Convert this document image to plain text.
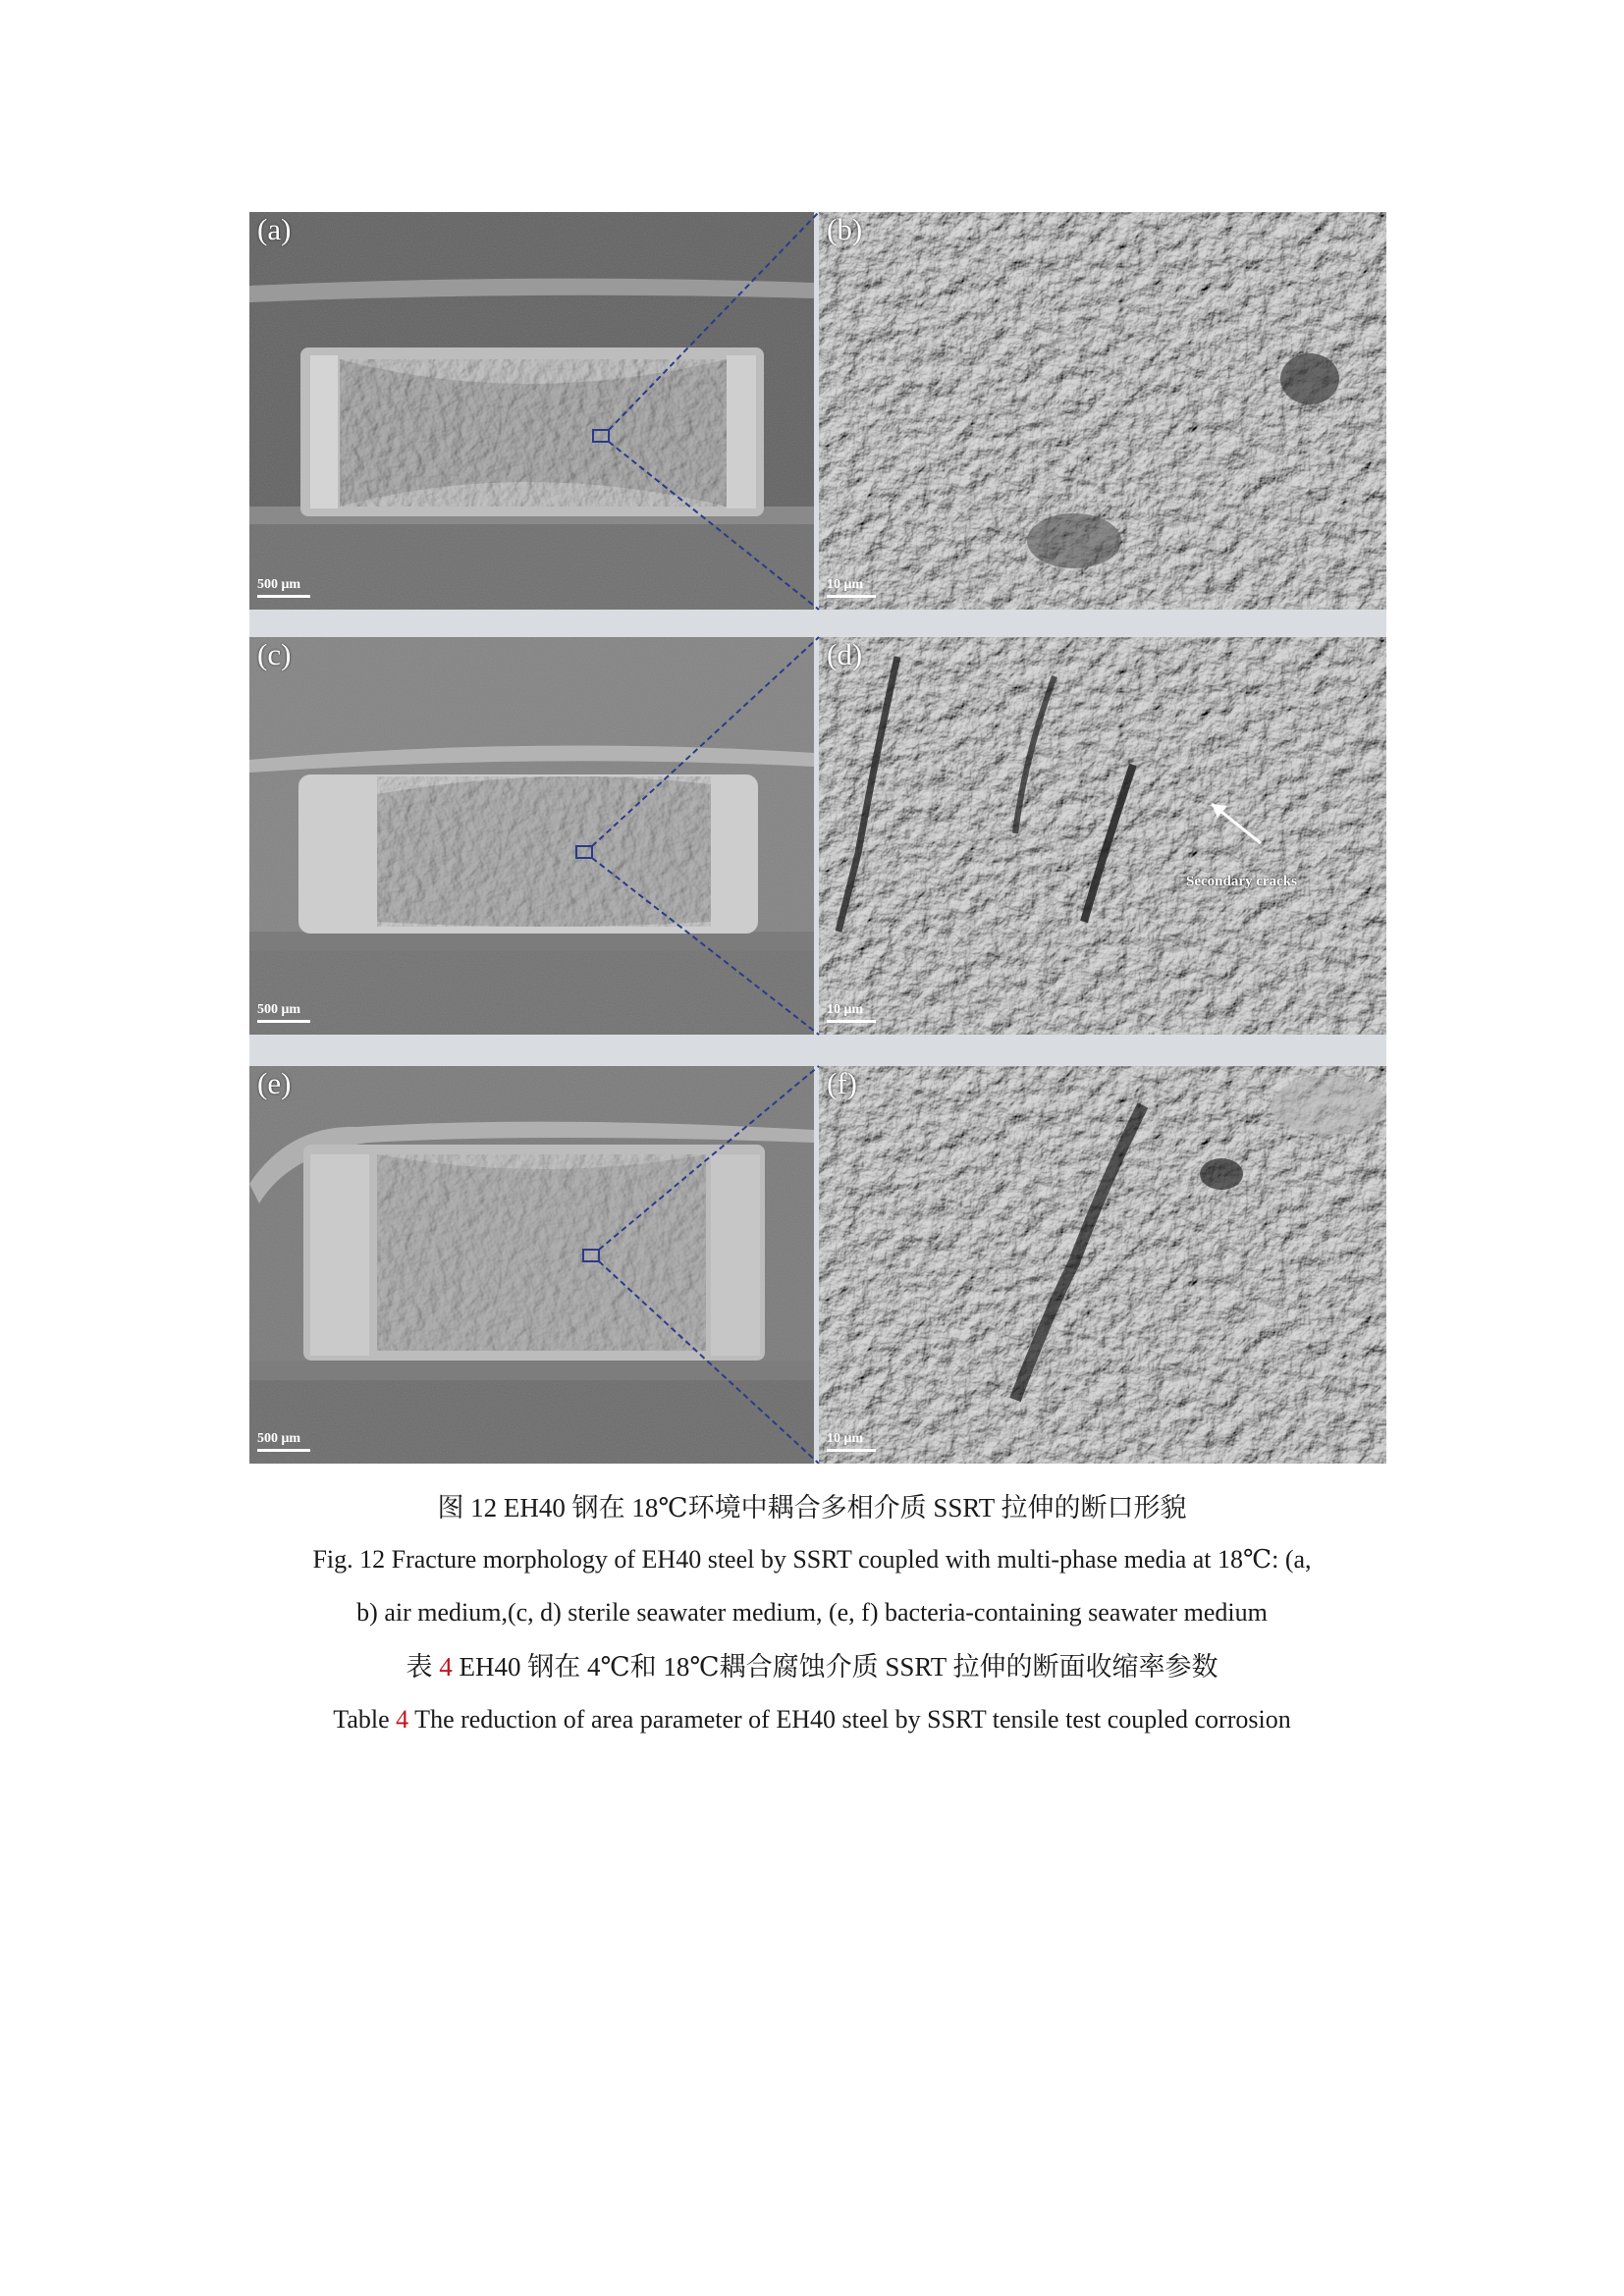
(a)
500 μm
(b)
10 μm
(c)
500 μm
(d)
10 μm
(e)
500 μm
(f)
10 μm
Secondary cracks
图 12 EH40 钢在 18℃环境中耦合多相介质 SSRT 拉伸的断口形貌
Fig. 12 Fracture morphology of EH40 steel by SSRT coupled with multi-phase media at 18℃: (a,
b) air medium,(c, d) sterile seawater medium, (e, f) bacteria-containing seawater medium
表 4 EH40 钢在 4℃和 18℃耦合腐蚀介质 SSRT 拉伸的断面收缩率参数
Table 4 The reduction of area parameter of EH40 steel by SSRT tensile test coupled corrosion
